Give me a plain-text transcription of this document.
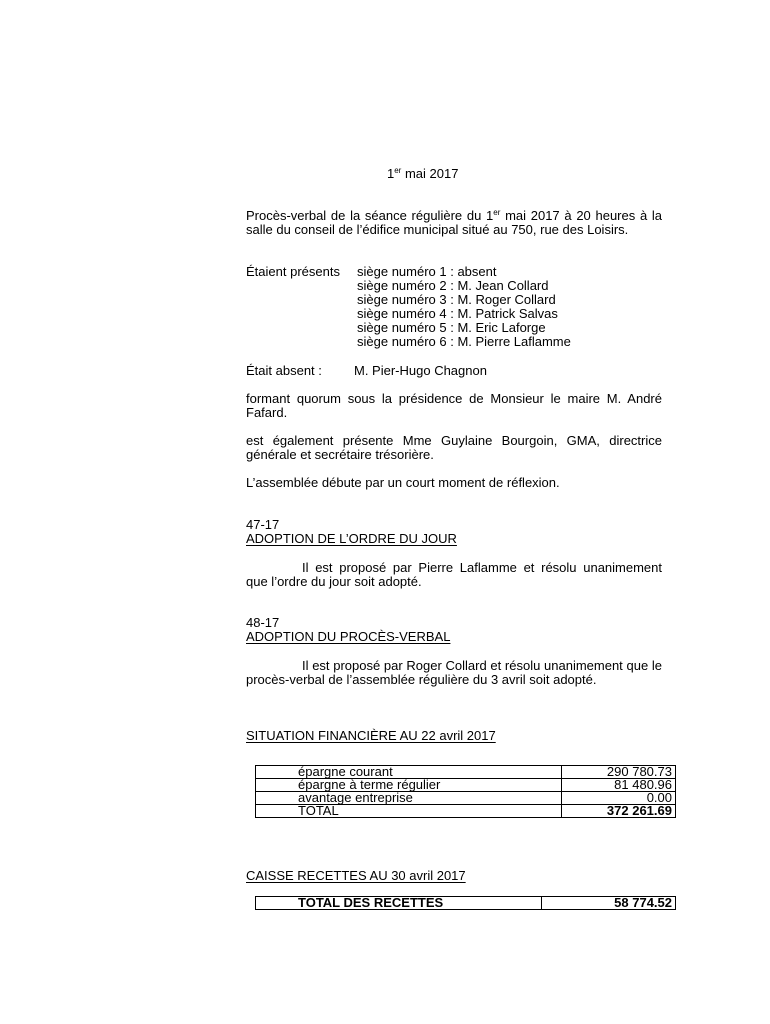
1er mai 2017
Procès-verbal de la séance régulière du 1er mai 2017 à 20 heures à la salle du conseil de l’édifice municipal situé au 750, rue des Loisirs.
Étaient présents siège numéro 1 : absent
siège numéro 2 : M. Jean Collard
siège numéro 3 : M. Roger Collard
siège numéro 4 : M. Patrick Salvas
siège numéro 5 : M. Eric Laforge
siège numéro 6 : M. Pierre Laflamme
Était absent : M. Pier-Hugo Chagnon
formant quorum sous la présidence de Monsieur le maire M. André Fafard.
est également présente Mme Guylaine Bourgoin, GMA, directrice générale et secrétaire trésorière.
L’assemblée débute par un court moment de réflexion.
47-17
ADOPTION DE L’ORDRE DU JOUR
Il est proposé par Pierre Laflamme et résolu unanimement que l’ordre du jour soit adopté.
48-17
ADOPTION DU PROCÈS-VERBAL
Il est proposé par Roger Collard et résolu unanimement que le procès-verbal de l’assemblée régulière du 3 avril soit adopté.
SITUATION FINANCIÈRE AU 22 avril 2017
épargne courant	290 780.73
épargne à terme régulier	81 480.96
avantage entreprise	0.00
TOTAL	372 261.69
CAISSE RECETTES AU 30 avril 2017
TOTAL DES RECETTES	58 774.52
